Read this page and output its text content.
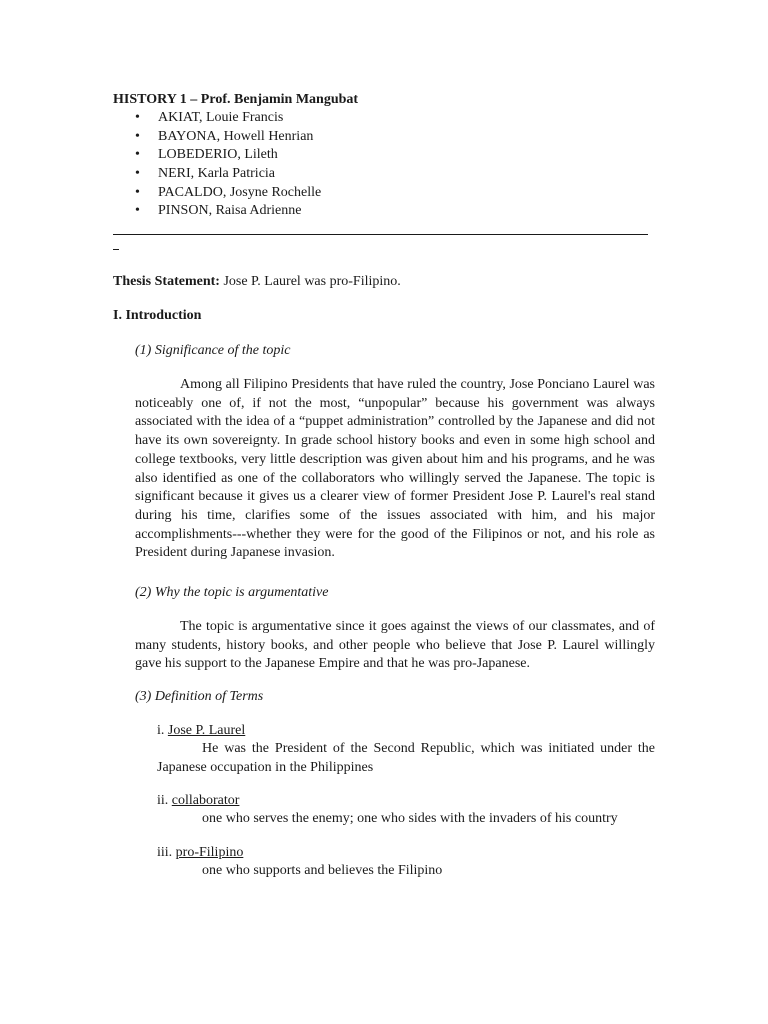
HISTORY 1 – Prof. Benjamin Mangubat
• AKIAT, Louie Francis
• BAYONA, Howell Henrian
• LOBEDERIO, Lileth
• NERI, Karla Patricia
• PACALDO, Josyne Rochelle
• PINSON, Raisa Adrienne
Thesis Statement: Jose P. Laurel was pro-Filipino.
I. Introduction
(1) Significance of the topic

Among all Filipino Presidents that have ruled the country, Jose Ponciano Laurel was noticeably one of, if not the most, “unpopular” because his government was always associated with the idea of a “puppet administration” controlled by the Japanese and did not have its own sovereignty. In grade school history books and even in some high school and college textbooks, very little description was given about him and his programs, and he was also identified as one of the collaborators who willingly served the Japanese. The topic is significant because it gives us a clearer view of former President Jose P. Laurel's real stand during his time, clarifies some of the issues associated with him, and his major accomplishments---whether they were for the good of the Filipinos or not, and his role as President during Japanese invasion.

(2) Why the topic is argumentative

The topic is argumentative since it goes against the views of our classmates, and of many students, history books, and other people who believe that Jose P. Laurel willingly gave his support to the Japanese Empire and that he was pro-Japanese.

(3) Definition of Terms
i. Jose P. Laurel

He was the President of the Second Republic, which was initiated under the Japanese occupation in the Philippines

ii. collaborator

one who serves the enemy; one who sides with the invaders of his country

iii. pro-Filipino

one who supports and believes the Filipino
